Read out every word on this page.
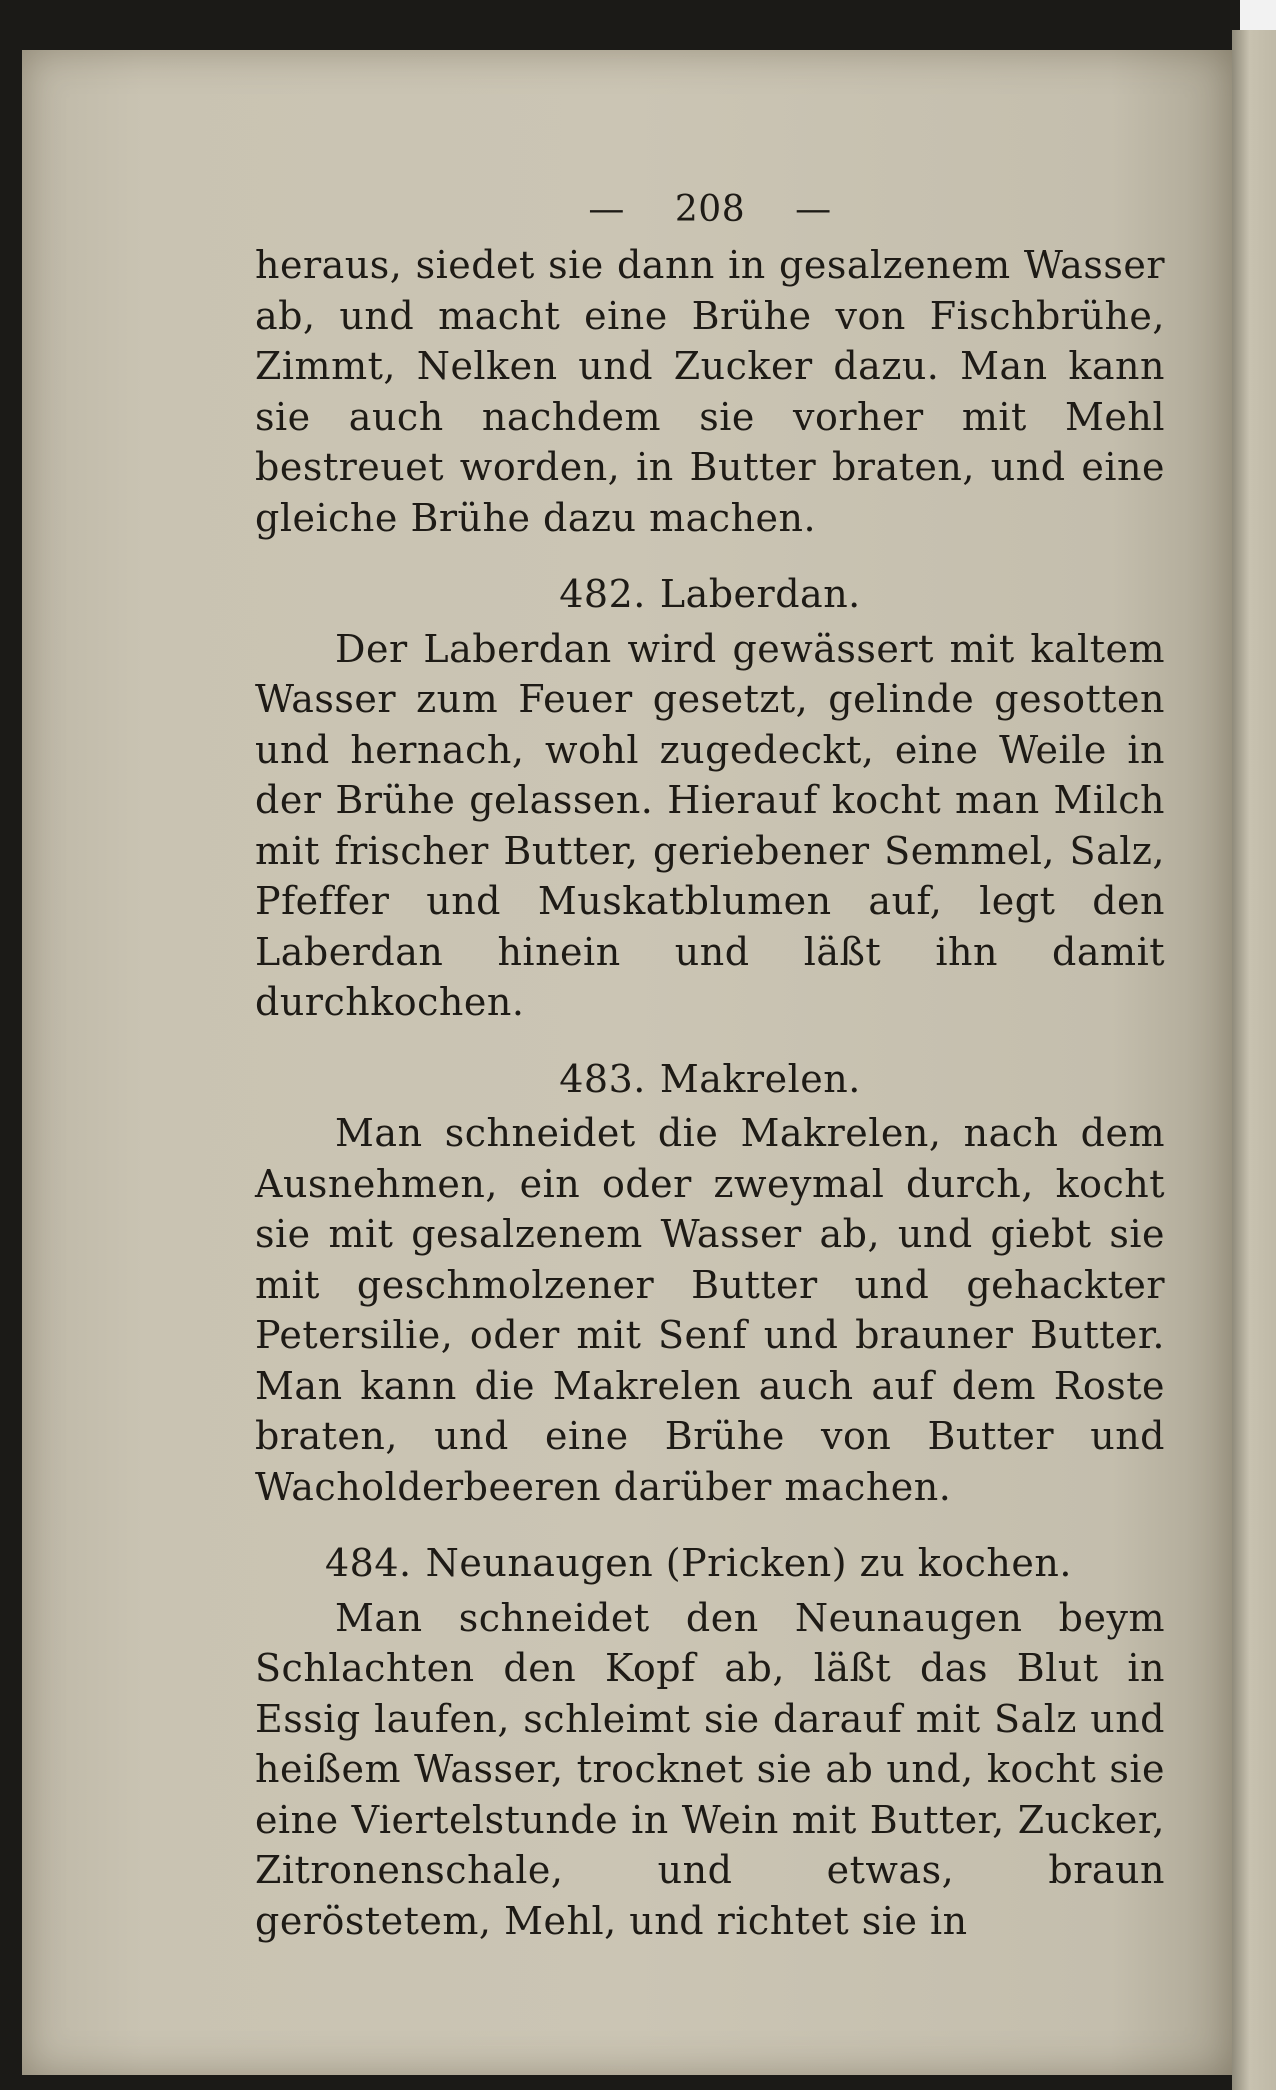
— 208 —

heraus, siedet sie dann in gesalzenem Wasser ab, und macht eine Brühe von Fischbrühe, Zimmt, Nelken und Zucker dazu. Man kann sie auch nachdem sie vorher mit Mehl bestreuet worden, in Butter braten, und eine gleiche Brühe dazu machen.

482. Laberdan.

Der Laberdan wird gewässert mit kaltem Wasser zum Feuer gesetzt, gelinde gesotten und hernach, wohl zugedeckt, eine Weile in der Brühe gelassen. Hierauf kocht man Milch mit frischer Butter, geriebener Semmel, Salz, Pfeffer und Muskatblumen auf, legt den Laberdan hinein und läßt ihn damit durchkochen.

483. Makrelen.

Man schneidet die Makrelen, nach dem Ausnehmen, ein oder zweymal durch, kocht sie mit gesalzenem Wasser ab, und giebt sie mit geschmolzener Butter und gehackter Petersilie, oder mit Senf und brauner Butter. Man kann die Makrelen auch auf dem Roste braten, und eine Brühe von Butter und Wacholderbeeren darüber machen.

484. Neunaugen (Pricken) zu kochen.

Man schneidet den Neunaugen beym Schlachten den Kopf ab, läßt das Blut in Essig laufen, schleimt sie darauf mit Salz und heißem Wasser, trocknet sie ab und, kocht sie eine Viertelstunde in Wein mit Butter, Zucker, Zitronenschale, und etwas, braun geröstetem, Mehl, und richtet sie in
